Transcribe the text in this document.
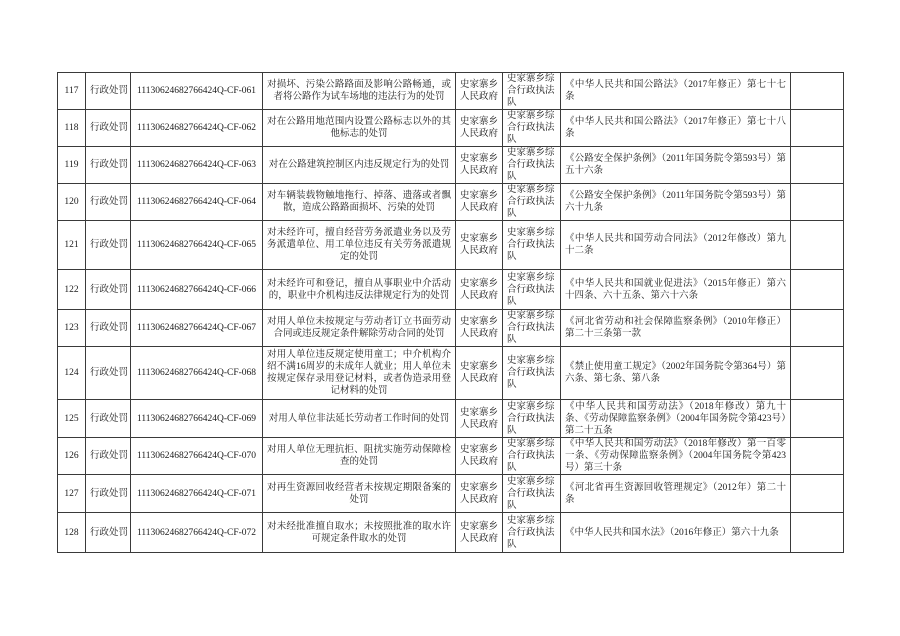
117	行政处罚	11130624682766424Q-CF-061	对损坏、污染公路路面及影响公路畅通，或者将公路作为试车场地的违法行为的处罚	史家寨乡人民政府	史家寨乡综合行政执法队	《中华人民共和国公路法》（2017年修正）第七十七条	
118	行政处罚	11130624682766424Q-CF-062	对在公路用地范围内设置公路标志以外的其他标志的处罚	史家寨乡人民政府	史家寨乡综合行政执法队	《中华人民共和国公路法》（2017年修正）第七十八条	
119	行政处罚	11130624682766424Q-CF-063	对在公路建筑控制区内违反规定行为的处罚	史家寨乡人民政府	史家寨乡综合行政执法队	《公路安全保护条例》（2011年国务院令第593号）第五十六条	
120	行政处罚	11130624682766424Q-CF-064	对车辆装载物触地拖行、掉落、遗落或者飘散，造成公路路面损坏、污染的处罚	史家寨乡人民政府	史家寨乡综合行政执法队	《公路安全保护条例》（2011年国务院令第593号）第六十九条	
121	行政处罚	11130624682766424Q-CF-065	对未经许可，擅自经营劳务派遣业务以及劳务派遣单位、用工单位违反有关劳务派遣规定的处罚	史家寨乡人民政府	史家寨乡综合行政执法队	《中华人民共和国劳动合同法》（2012年修改）第九十二条	
122	行政处罚	11130624682766424Q-CF-066	对未经许可和登记，擅自从事职业中介活动的，职业中介机构违反法律规定行为的处罚	史家寨乡人民政府	史家寨乡综合行政执法队	《中华人民共和国就业促进法》（2015年修正）第六十四条、六十五条、第六十六条	
123	行政处罚	11130624682766424Q-CF-067	对用人单位未按规定与劳动者订立书面劳动合同或违反规定条件解除劳动合同的处罚	史家寨乡人民政府	史家寨乡综合行政执法队	《河北省劳动和社会保障监察条例》（2010年修正）第二十三条第一款	
124	行政处罚	11130624682766424Q-CF-068	对用人单位违反规定使用童工；中介机构介绍不满16周岁的未成年人就业；用人单位未按规定保存录用登记材料，或者伪造录用登记材料的处罚	史家寨乡人民政府	史家寨乡综合行政执法队	《禁止使用童工规定》（2002年国务院令第364号）第六条、第七条、第八条	
125	行政处罚	11130624682766424Q-CF-069	对用人单位非法延长劳动者工作时间的处罚	史家寨乡人民政府	史家寨乡综合行政执法队	《中华人民共和国劳动法》（2018年修改）第九十条、《劳动保障监察条例》（2004年国务院令第423号）第二十五条	
126	行政处罚	11130624682766424Q-CF-070	对用人单位无理抗拒、阻扰实施劳动保障检查的处罚	史家寨乡人民政府	史家寨乡综合行政执法队	《中华人民共和国劳动法》（2018年修改）第一百零一条、《劳动保障监察条例》（2004年国务院令第423号）第三十条	
127	行政处罚	11130624682766424Q-CF-071	对再生资源回收经营者未按规定期限备案的处罚	史家寨乡人民政府	史家寨乡综合行政执法队	《河北省再生资源回收管理规定》（2012年）第二十条	
128	行政处罚	11130624682766424Q-CF-072	对未经批准擅自取水；未按照批准的取水许可规定条件取水的处罚	史家寨乡人民政府	史家寨乡综合行政执法队	《中华人民共和国水法》（2016年修正）第六十九条	
